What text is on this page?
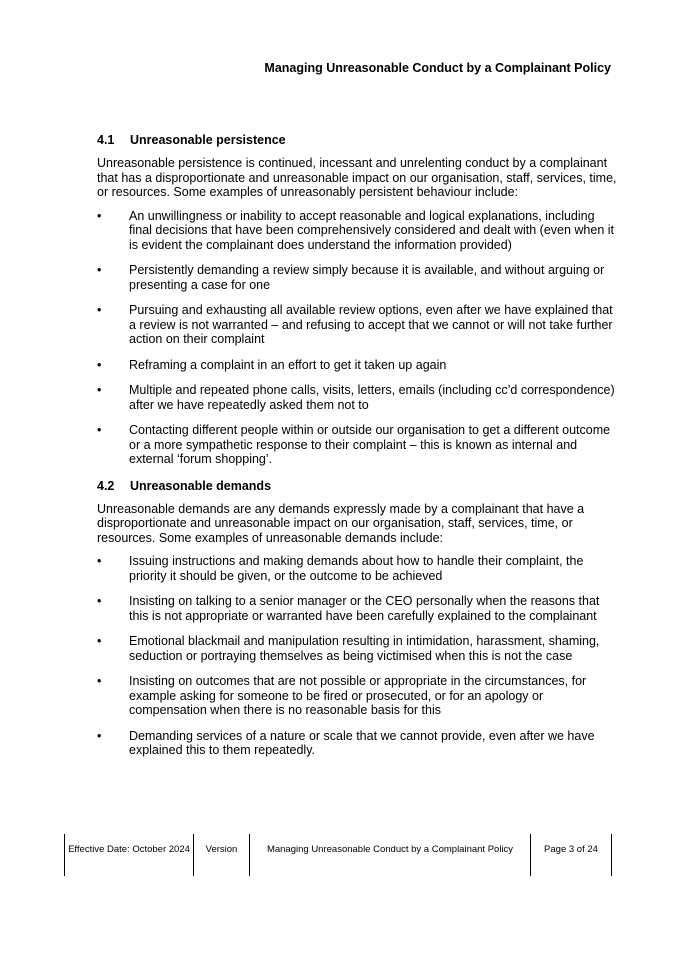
Managing Unreasonable Conduct by a Complainant Policy
4.1 Unreasonable persistence

Unreasonable persistence is continued, incessant and unrelenting conduct by a complainant that has a disproportionate and unreasonable impact on our organisation, staff, services, time, or resources. Some examples of unreasonably persistent behaviour include:

• An unwillingness or inability to accept reasonable and logical explanations, including final decisions that have been comprehensively considered and dealt with (even when it is evident the complainant does understand the information provided)
• Persistently demanding a review simply because it is available, and without arguing or presenting a case for one
• Pursuing and exhausting all available review options, even after we have explained that a review is not warranted – and refusing to accept that we cannot or will not take further action on their complaint
• Reframing a complaint in an effort to get it taken up again
• Multiple and repeated phone calls, visits, letters, emails (including cc’d correspondence) after we have repeatedly asked them not to
• Contacting different people within or outside our organisation to get a different outcome or a more sympathetic response to their complaint – this is known as internal and external ‘forum shopping’.
4.2 Unreasonable demands

Unreasonable demands are any demands expressly made by a complainant that have a disproportionate and unreasonable impact on our organisation, staff, services, time, or resources. Some examples of unreasonable demands include:

• Issuing instructions and making demands about how to handle their complaint, the priority it should be given, or the outcome to be achieved
• Insisting on talking to a senior manager or the CEO personally when the reasons that this is not appropriate or warranted have been carefully explained to the complainant
• Emotional blackmail and manipulation resulting in intimidation, harassment, shaming, seduction or portraying themselves as being victimised when this is not the case
• Insisting on outcomes that are not possible or appropriate in the circumstances, for example asking for someone to be fired or prosecuted, or for an apology or compensation when there is no reasonable basis for this
• Demanding services of a nature or scale that we cannot provide, even after we have explained this to them repeatedly.
Effective Date: October 2024	Version	Managing Unreasonable Conduct by a Complainant Policy	Page 3 of 24
